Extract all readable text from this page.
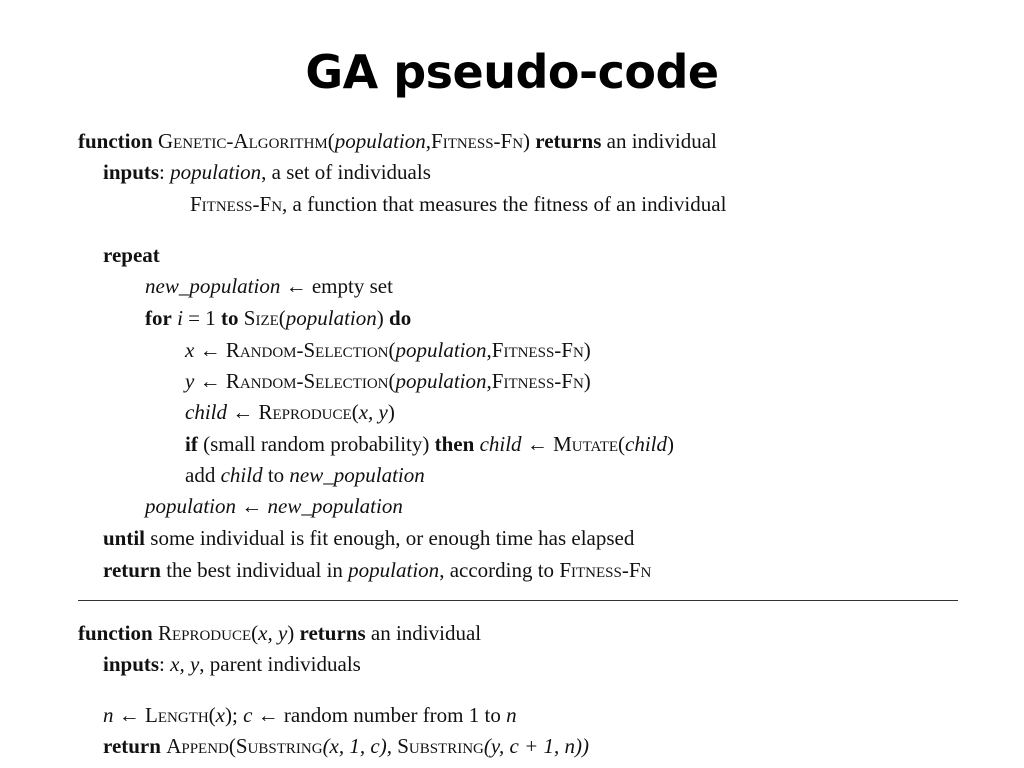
GA pseudo-code
function Genetic-Algorithm(population,Fitness-Fn) returns an individual
inputs: population, a set of individuals
Fitness-Fn, a function that measures the fitness of an individual
repeat
new_population ← empty set
for i = 1 to Size(population) do
x ← Random-Selection(population,Fitness-Fn)
y ← Random-Selection(population,Fitness-Fn)
child ← Reproduce(x, y)
if (small random probability) then child ← Mutate(child)
add child to new_population
population ← new_population
until some individual is fit enough, or enough time has elapsed
return the best individual in population, according to Fitness-Fn
function Reproduce(x, y) returns an individual
inputs: x, y, parent individuals
n ← Length(x); c ← random number from 1 to n
return Append(Substring(x, 1, c), Substring(y, c + 1, n))
